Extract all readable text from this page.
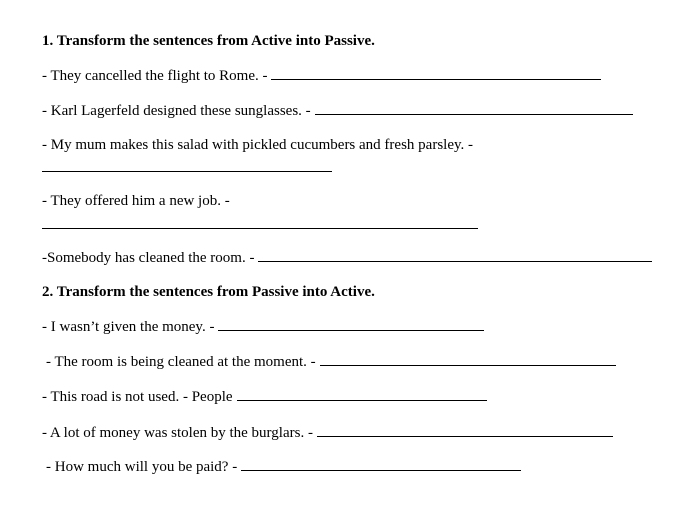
1. Transform the sentences from Active into Passive.
- They cancelled the flight to Rome. -
- Karl Lagerfeld designed these sunglasses. -
- My mum makes this salad with pickled cucumbers and fresh parsley. -
- They offered him a new job. -
-Somebody has cleaned the room. -
2. Transform the sentences from Passive into Active.
- I wasn’t given the money. -
- The room is being cleaned at the moment. -
- This road is not used. - People
- A lot of money was stolen by the burglars. -
- How much will you be paid? -
